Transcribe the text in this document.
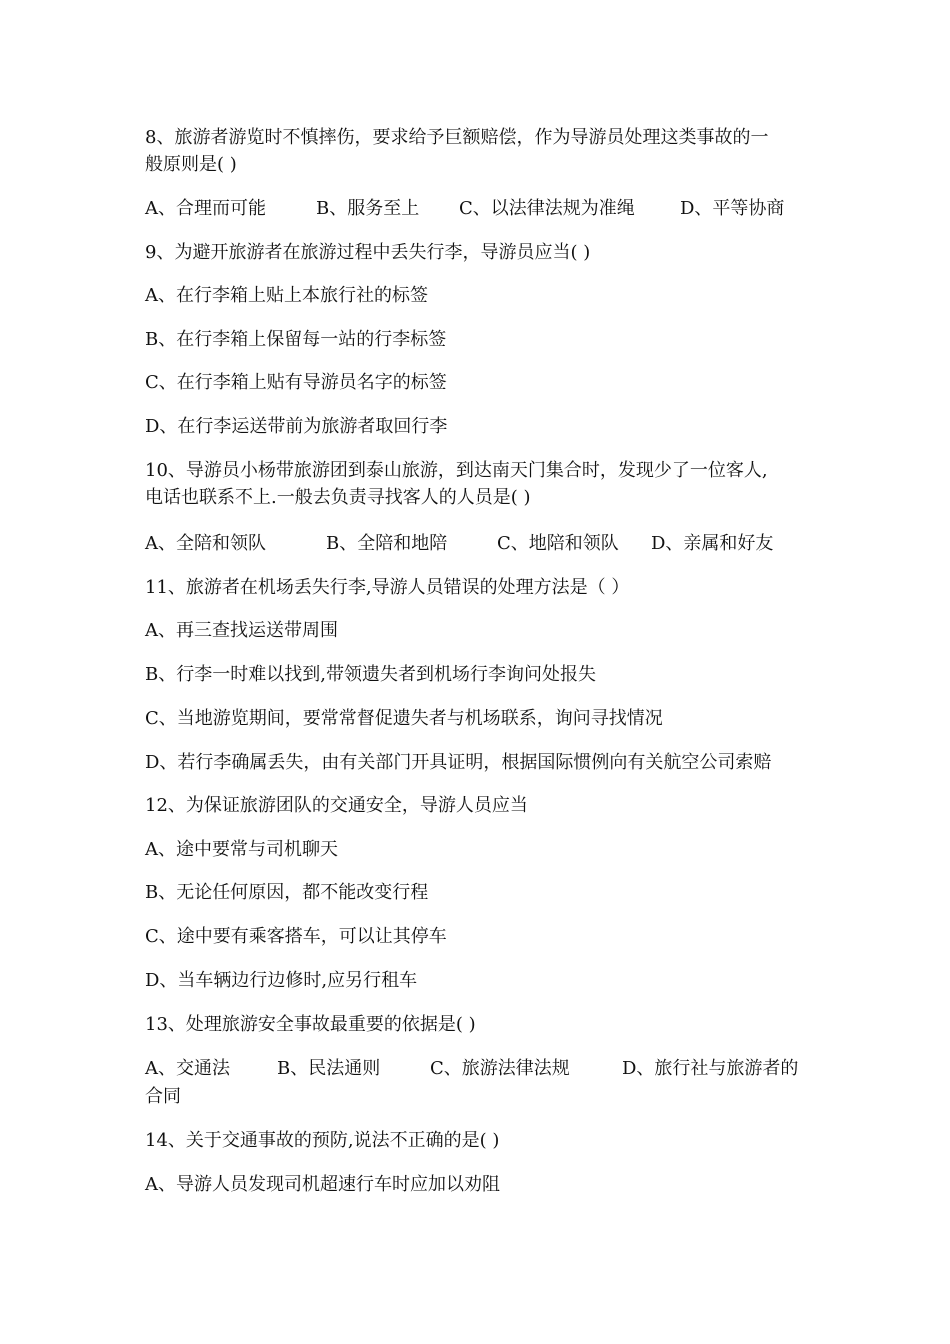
8、旅游者游览时不慎摔伤，要求给予巨额赔偿，作为导游员处理这类事故的一
般原则是( )
A、合理而可能	B、服务至上 C、以法律法规为准绳	D、平等协商
9、为避开旅游者在旅游过程中丢失行李，导游员应当( )
A、在行李箱上贴上本旅行社的标签
B、在行李箱上保留每一站的行李标签
C、在行李箱上贴有导游员名字的标签
D、在行李运送带前为旅游者取回行李
10、导游员小杨带旅游团到泰山旅游，到达南天门集合时，发现少了一位客人,
电话也联系不上.一般去负责寻找客人的人员是( )
A、全陪和领队	B、全陪和地陪	C、地陪和领队 D、亲属和好友
11、旅游者在机场丢失行李,导游人员错误的处理方法是（ ）
A、再三查找运送带周围
B、行李一时难以找到,带领遗失者到机场行李询问处报失
C、当地游览期间，要常常督促遗失者与机场联系，询问寻找情况
D、若行李确属丢失，由有关部门开具证明，根据国际惯例向有关航空公司索赔
12、为保证旅游团队的交通安全，导游人员应当
A、途中要常与司机聊天
B、无论任何原因，都不能改变行程
C、途中要有乘客搭车，可以让其停车
D、当车辆边行边修时,应另行租车
13、处理旅游安全事故最重要的依据是( )
A、交通法	B、民法通则	C、旅游法律法规	D、旅行社与旅游者的
合同
14、关于交通事故的预防,说法不正确的是( )
A、导游人员发现司机超速行车时应加以劝阻
